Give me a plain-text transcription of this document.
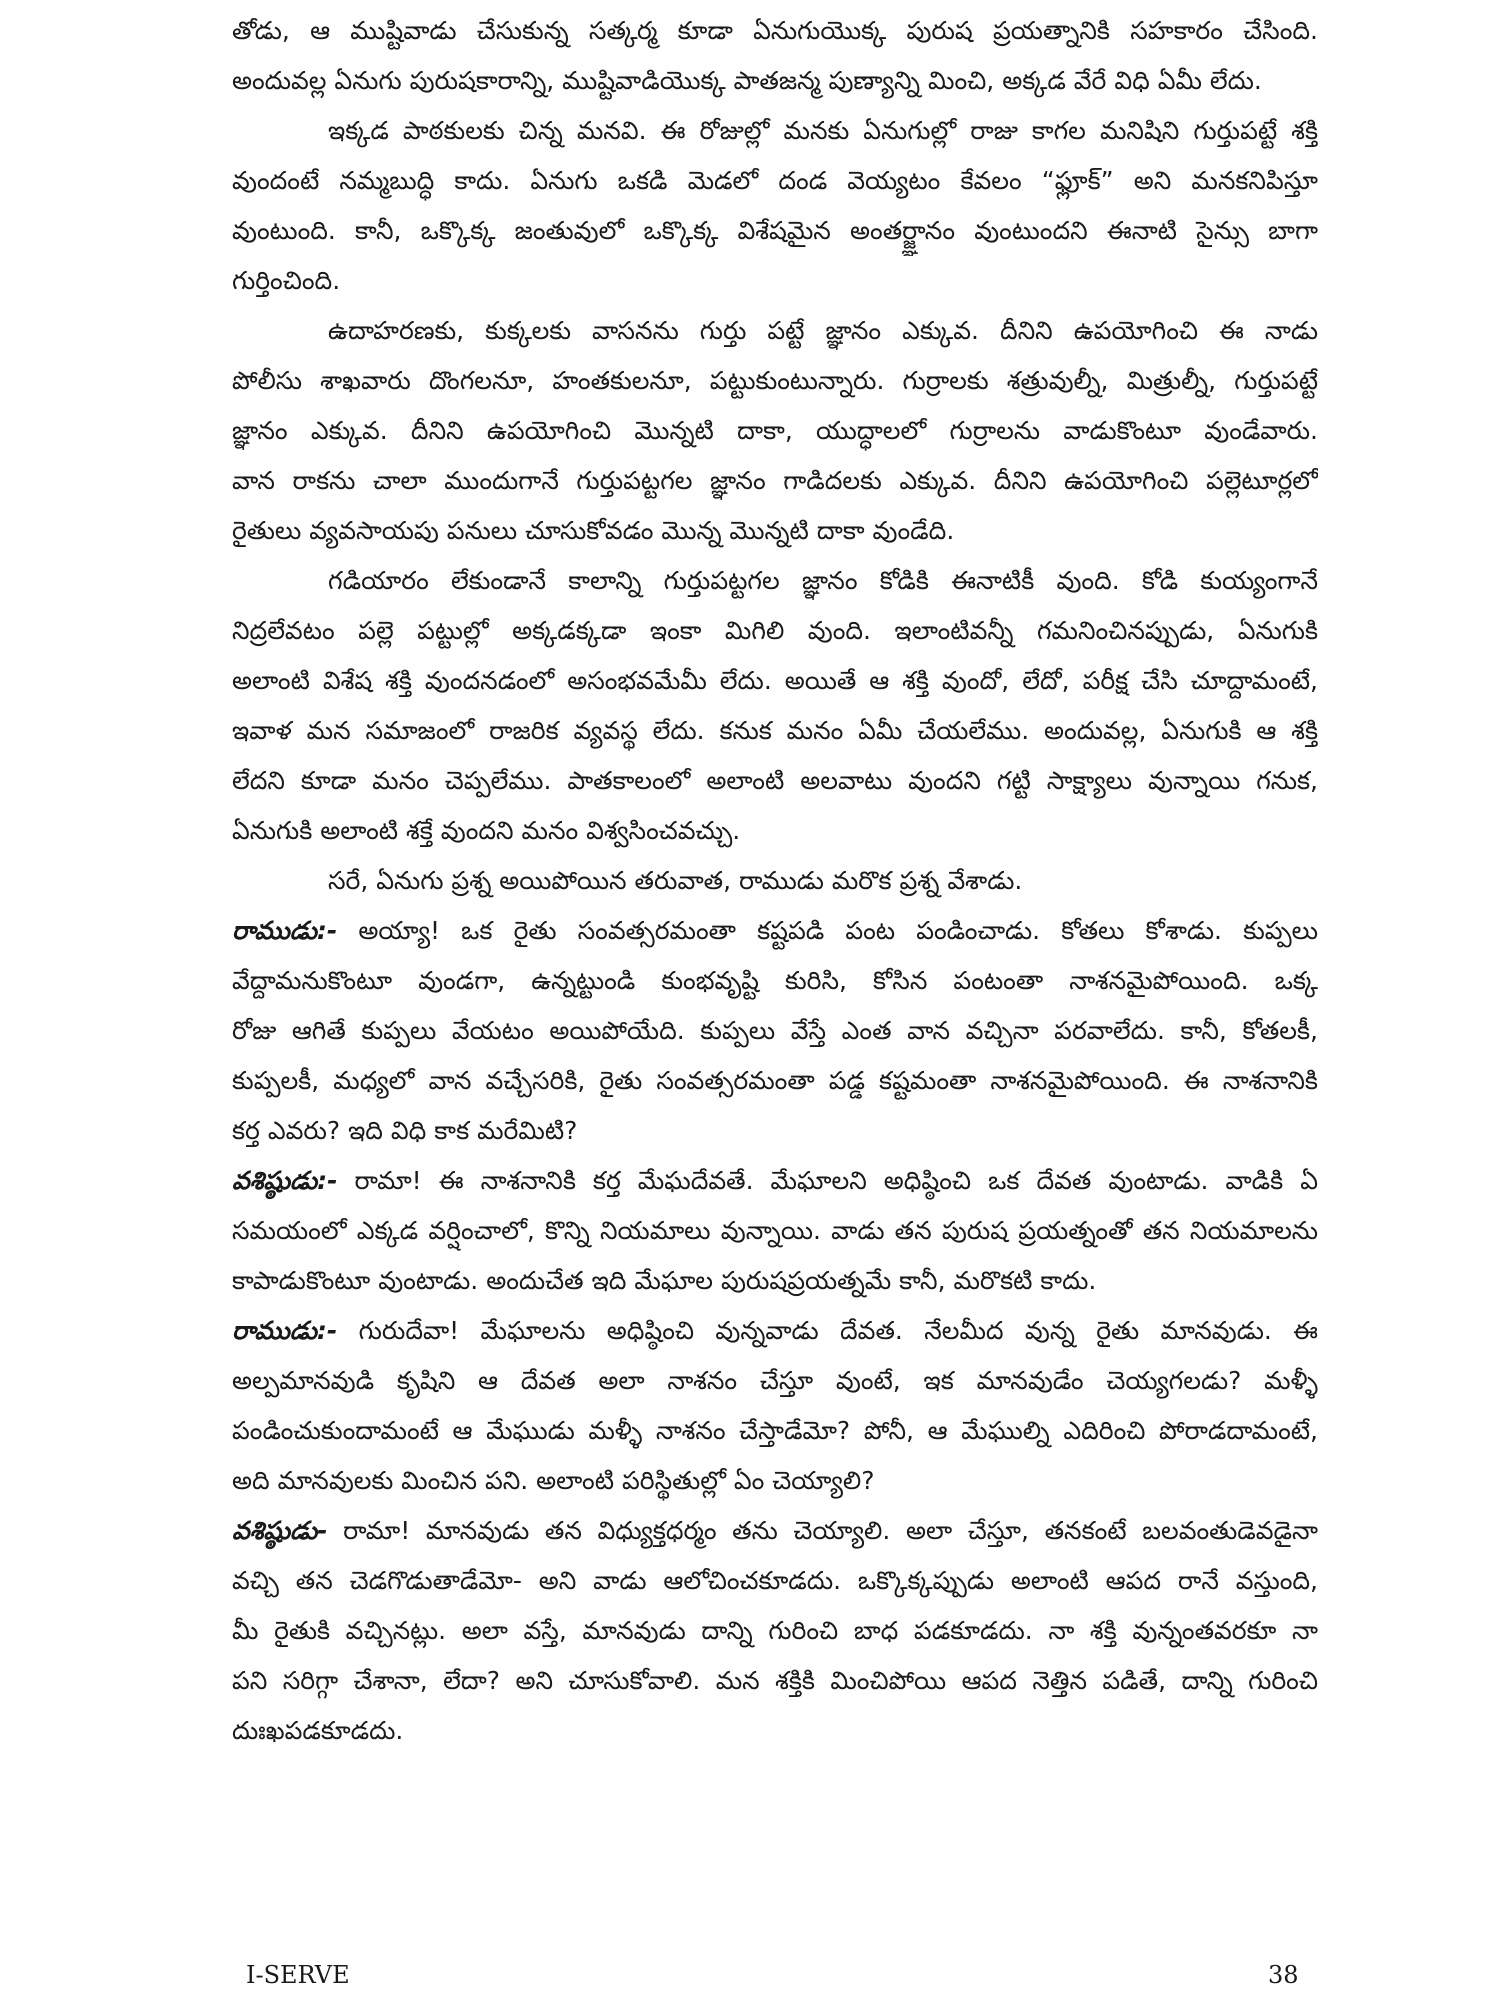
తోడు, ఆ ముష్టివాడు చేసుకున్న సత్కర్మ కూడా ఏనుగుయొక్క పురుష ప్రయత్నానికి సహకారం చేసింది.
అందువల్ల ఏనుగు పురుషకారాన్ని, ముష్టివాడియొక్క పాతజన్మ పుణ్యాన్ని మించి, అక్కడ వేరే విధి ఏమీ లేదు.
ఇక్కడ పాఠకులకు చిన్న మనవి. ఈ రోజుల్లో మనకు ఏనుగుల్లో రాజు కాగల మనిషిని గుర్తుపట్టే శక్తి
వుందంటే నమ్మబుద్ధి కాదు. ఏనుగు ఒకడి మెడలో దండ వెయ్యటం కేవలం “ఫ్లూక్” అని మనకనిపిస్తూ
వుంటుంది. కానీ, ఒక్కొక్క జంతువులో ఒక్కొక్క విశేషమైన అంతర్జ్ఞానం వుంటుందని ఈనాటి సైన్సు బాగా
గుర్తించింది.
ఉదాహరణకు, కుక్కలకు వాసనను గుర్తు పట్టే జ్ఞానం ఎక్కువ. దీనిని ఉపయోగించి ఈ నాడు
పోలీసు శాఖవారు దొంగలనూ, హంతకులనూ, పట్టుకుంటున్నారు. గుర్రాలకు శత్రువుల్నీ, మిత్రుల్నీ, గుర్తుపట్టే
జ్ఞానం ఎక్కువ. దీనిని ఉపయోగించి మొన్నటి దాకా, యుద్ధాలలో గుర్రాలను వాడుకొంటూ వుండేవారు.
వాన రాకను చాలా ముందుగానే గుర్తుపట్టగల జ్ఞానం గాడిదలకు ఎక్కువ. దీనిని ఉపయోగించి పల్లెటూర్లలో
రైతులు వ్యవసాయపు పనులు చూసుకోవడం మొన్న మొన్నటి దాకా వుండేది.
గడియారం లేకుండానే కాలాన్ని గుర్తుపట్టగల జ్ఞానం కోడికి ఈనాటికీ వుంది. కోడి కుయ్యంగానే
నిద్రలేవటం పల్లె పట్టుల్లో అక్కడక్కడా ఇంకా మిగిలి వుంది. ఇలాంటివన్నీ గమనించినప్పుడు, ఏనుగుకి
అలాంటి విశేష శక్తి వుందనడంలో అసంభవమేమీ లేదు. అయితే ఆ శక్తి వుందో, లేదో, పరీక్ష చేసి చూద్దామంటే,
ఇవాళ మన సమాజంలో రాజరిక వ్యవస్థ లేదు. కనుక మనం ఏమీ చేయలేము. అందువల్ల, ఏనుగుకి ఆ శక్తి
లేదని కూడా మనం చెప్పలేము. పాతకాలంలో అలాంటి అలవాటు వుందని గట్టి సాక్ష్యాలు వున్నాయి గనుక,
ఏనుగుకి అలాంటి శక్తే వుందని మనం విశ్వసించవచ్చు.
సరే, ఏనుగు ప్రశ్న అయిపోయిన తరువాత, రాముడు మరొక ప్రశ్న వేశాడు.
రాముడు:- అయ్యా! ఒక రైతు సంవత్సరమంతా కష్టపడి పంట పండించాడు. కోతలు కోశాడు. కుప్పలు
వేద్దామనుకొంటూ వుండగా, ఉన్నట్టుండి కుంభవృష్టి కురిసి, కోసిన పంటంతా నాశనమైపోయింది. ఒక్క
రోజు ఆగితే కుప్పలు వేయటం అయిపోయేది. కుప్పలు వేస్తే ఎంత వాన వచ్చినా పరవాలేదు. కానీ, కోతలకీ,
కుప్పలకీ, మధ్యలో వాన వచ్చేసరికి, రైతు సంవత్సరమంతా పడ్డ కష్టమంతా నాశనమైపోయింది. ఈ నాశనానికి
కర్త ఎవరు? ఇది విధి కాక మరేమిటి?
వశిష్ఠుడు:- రామా! ఈ నాశనానికి కర్త మేఘదేవతే. మేఘాలని అధిష్ఠించి ఒక దేవత వుంటాడు. వాడికి ఏ
సమయంలో ఎక్కడ వర్షించాలో, కొన్ని నియమాలు వున్నాయి. వాడు తన పురుష ప్రయత్నంతో తన నియమాలను
కాపాడుకొంటూ వుంటాడు. అందుచేత ఇది మేఘాల పురుషప్రయత్నమే కానీ, మరొకటి కాదు.
రాముడు:- గురుదేవా! మేఘాలను అధిష్ఠించి వున్నవాడు దేవత. నేలమీద వున్న రైతు మానవుడు. ఈ
అల్పమానవుడి కృషిని ఆ దేవత అలా నాశనం చేస్తూ వుంటే, ఇక మానవుడేం చెయ్యగలడు? మళ్ళీ
పండించుకుందామంటే ఆ మేఘుడు మళ్ళీ నాశనం చేస్తాడేమో? పోనీ, ఆ మేఘుల్ని ఎదిరించి పోరాడదామంటే,
అది మానవులకు మించిన పని. అలాంటి పరిస్థితుల్లో ఏం చెయ్యాలి?
వశిష్ఠుడు- రామా! మానవుడు తన విధ్యుక్తధర్మం తను చెయ్యాలి. అలా చేస్తూ, తనకంటే బలవంతుడెవడైనా
వచ్చి తన చెడగొడుతాడేమో- అని వాడు ఆలోచించకూడదు. ఒక్కొక్కప్పుడు అలాంటి ఆపద రానే వస్తుంది,
మీ రైతుకి వచ్చినట్లు. అలా వస్తే, మానవుడు దాన్ని గురించి బాధ పడకూడదు. నా శక్తి వున్నంతవరకూ నా
పని సరిగ్గా చేశానా, లేదా? అని చూసుకోవాలి. మన శక్తికి మించిపోయి ఆపద నెత్తిన పడితే, దాన్ని గురించి
దుఃఖపడకూడదు.
I-SERVE	38
